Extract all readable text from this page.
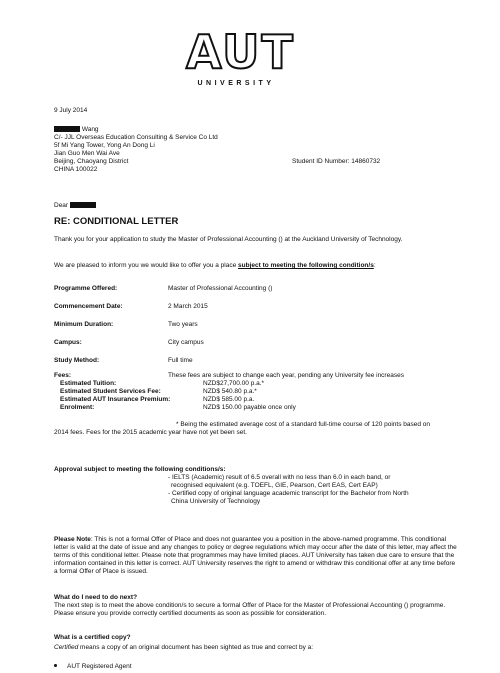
AUT
UNIVERSITY
9 July 2014
Wang
C/- JJL Overseas Education Consulting & Service Co Ltd
5f Mi Yang Tower, Yong An Dong Li
Jian Guo Men Wai Ave
Beijing, Chaoyang District
CHINA 100022
Student ID Number: 14860732
Dear
RE: CONDITIONAL LETTER
Thank you for your application to study the Master of Professional Accounting () at the Auckland University of Technology.
We are pleased to inform you we would like to offer you a place subject to meeting the following condition/s:
Programme Offered:	Master of Professional Accounting ()
Commencement Date:	2 March 2015
Minimum Duration:	Two years
Campus:	City campus
Study Method:	Full time
Fees:	These fees are subject to change each year, pending any University fee increases
Estimated Tuition:	NZD$27,700.00 p.a.*
Estimated Student Services Fee:	NZD$ 540.80 p.a.*
Estimated AUT Insurance Premium:	NZD$ 585.00 p.a.
Enrolment:	NZD$ 150.00 payable once only
* Being the estimated average cost of a standard full-time course of 120 points based on
2014 fees. Fees for the 2015 academic year have not yet been set.
Approval subject to meeting the following conditions/s:
- IELTS (Academic) result of 6.5 overall with no less than 6.0 in each band, or
recognised equivalent (e.g. TOEFL, GIE, Pearson, Cert EAS, Cert EAP)
- Certified copy of original language academic transcript for the Bachelor from North
China University of Technology
Please Note: This is not a formal Offer of Place and does not guarantee you a position in the above-named programme. This conditional letter is valid at the date of issue and any changes to policy or degree regulations which may occur after the date of this letter, may affect the terms of this conditional letter. Please note that programmes may have limited places. AUT University has taken due care to ensure that the information contained in this letter is correct. AUT University reserves the right to amend or withdraw this conditional offer at any time before a formal Offer of Place is issued.
What do I need to do next?
The next step is to meet the above condition/s to secure a formal Offer of Place for the Master of Professional Accounting () programme. Please ensure you provide correctly certified documents as soon as possible for consideration.
What is a certified copy?
Certified means a copy of an original document has been sighted as true and correct by a:
AUT Registered Agent
